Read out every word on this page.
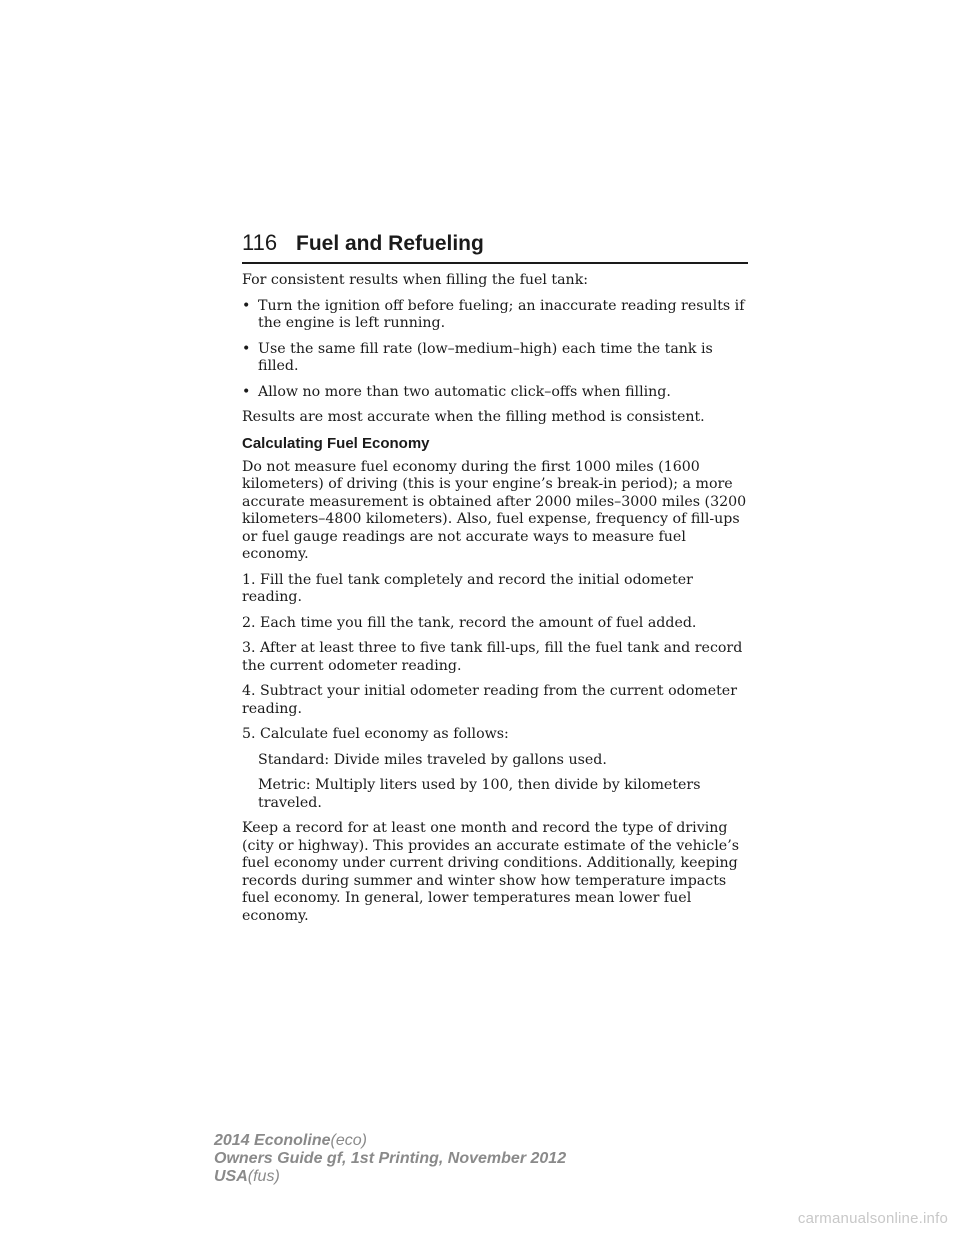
116 Fuel and Refueling

For consistent results when filling the fuel tank:

• Turn the ignition off before fueling; an inaccurate reading results if the engine is left running.
• Use the same fill rate (low–medium–high) each time the tank is filled.
• Allow no more than two automatic click–offs when filling.

Results are most accurate when the filling method is consistent.

Calculating Fuel Economy

Do not measure fuel economy during the first 1000 miles (1600 kilometers) of driving (this is your engine’s break-in period); a more accurate measurement is obtained after 2000 miles–3000 miles (3200 kilometers–4800 kilometers). Also, fuel expense, frequency of fill-ups or fuel gauge readings are not accurate ways to measure fuel economy.

1. Fill the fuel tank completely and record the initial odometer reading.

2. Each time you fill the tank, record the amount of fuel added.

3. After at least three to five tank fill-ups, fill the fuel tank and record the current odometer reading.

4. Subtract your initial odometer reading from the current odometer reading.

5. Calculate fuel economy as follows:

Standard: Divide miles traveled by gallons used.

Metric: Multiply liters used by 100, then divide by kilometers traveled.

Keep a record for at least one month and record the type of driving (city or highway). This provides an accurate estimate of the vehicle’s fuel economy under current driving conditions. Additionally, keeping records during summer and winter show how temperature impacts fuel economy. In general, lower temperatures mean lower fuel economy.

2014 Econoline(eco)
Owners Guide gf, 1st Printing, November 2012
USA(fus)
carmanualsonline.info
